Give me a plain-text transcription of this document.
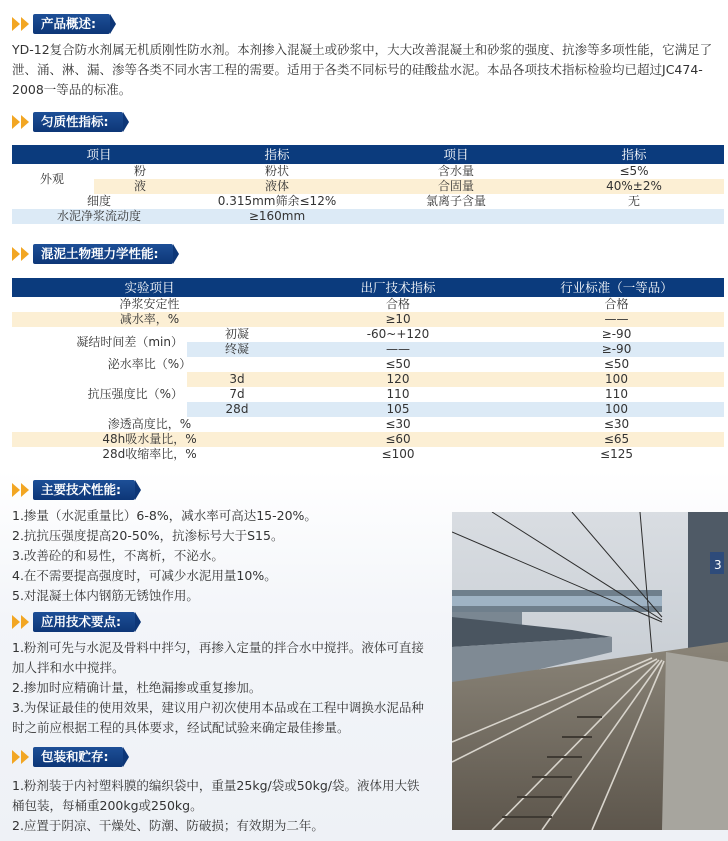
产品概述:
YD-12复合防水剂属无机质刚性防水剂。本剂掺入混凝土或砂浆中，大大改善混凝土和砂浆的强度、抗渗等多项性能，它满足了泄、涌、淋、漏、渗等各类不同水害工程的需要。适用于各类不同标号的硅酸盐水泥。本品各项技术指标检验均已超过JC474-2008一等品的标准。
匀质性指标:
项目		指标	项目	指标
外观	粉	粉状	含水量	≤5%
	液	液体	合固量	40%±2%
细度		0.315mm筛余≤12%	氯离子含量	无
水泥净浆流动度		≥160mm		
混泥土物理力学性能:
实验项目		出厂技术指标	行业标准（一等品）
净浆安定性		合格	合格
减水率，%		≥10	——
凝结时间差（min）	初凝	-60~+120	≥-90
	终凝	——	≥-90
泌水率比（%）		≤50	≤50
抗压强度比（%）	3d	120	100
	7d	110	110
	28d	105	100
渗透高度比，%		≤30	≤30
48h吸水量比，%		≤60	≤65
28d收缩率比，%		≤100	≤125
主要技术性能:
1.掺量（水泥重量比）6-8%，减水率可高达15-20%。
2.抗抗压强度提高20-50%，抗渗标号大于S15。
3.改善砼的和易性，不离析，不泌水。
4.在不需要提高强度时，可减少水泥用量10%。
5.对混凝土体内钢筋无锈蚀作用。
应用技术要点:
1.粉剂可先与水泥及骨料中拌匀，再掺入定量的拌合水中搅拌。液体可直接
加人拌和水中搅拌。
2.掺加时应精确计量，杜绝漏掺或重复掺加。
3.为保证最佳的使用效果，建议用户初次使用本品或在工程中调换水泥品种
时之前应根据工程的具体要求，经试配试验来确定最佳掺量。
包装和贮存:
1.粉剂装于内衬塑料膜的编织袋中，重量25kg/袋或50kg/袋。液体用大铁
桶包装，每桶重200kg或250kg。
2.应置于阴凉、干燥处、防潮、防破损；有效期为二年。
3
